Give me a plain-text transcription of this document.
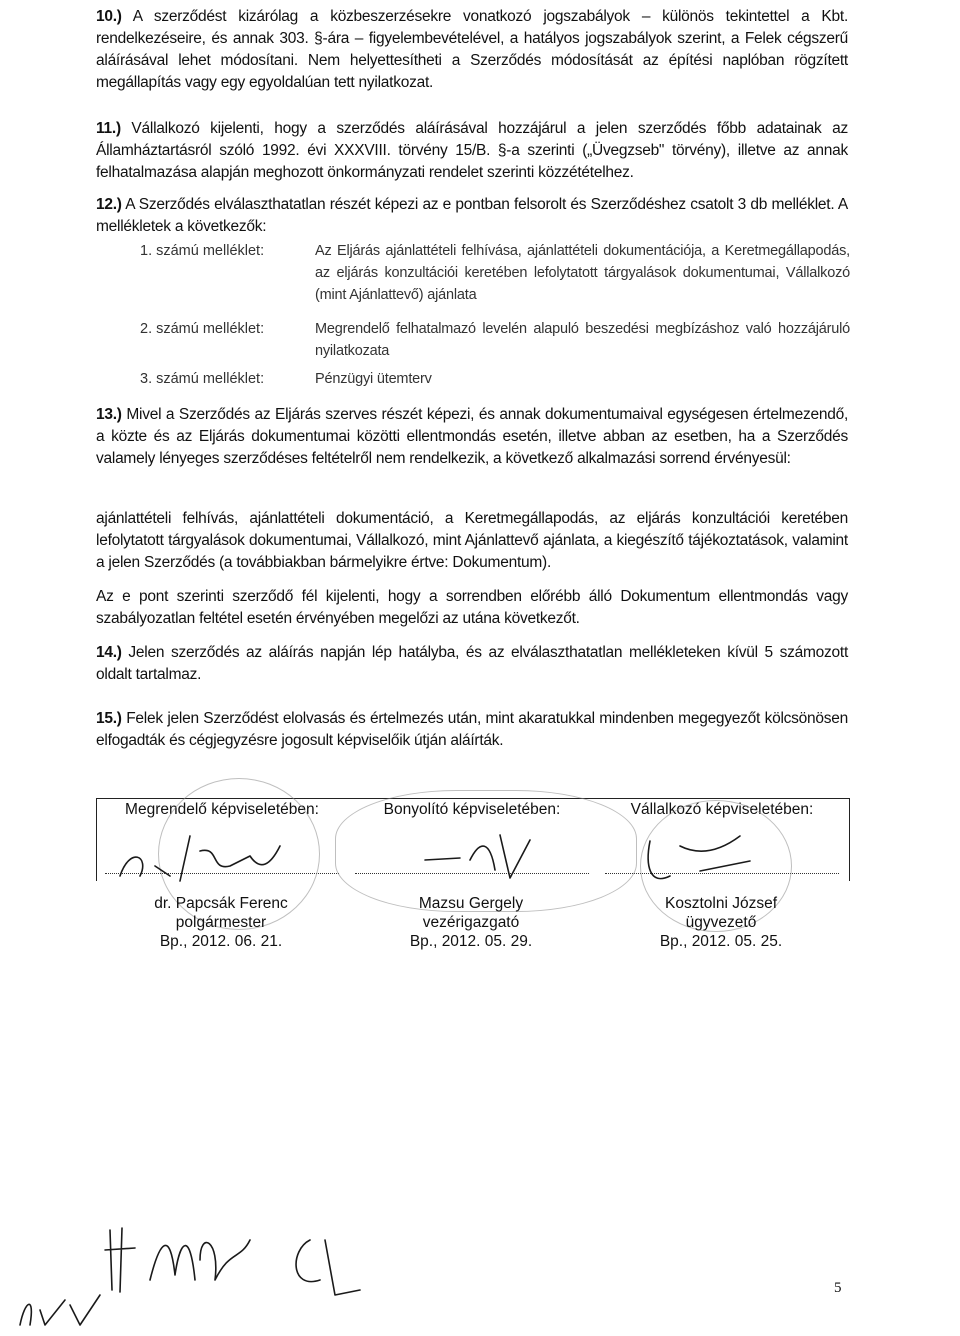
10.) A szerződést kizárólag a közbeszerzésekre vonatkozó jogszabályok – különös tekintettel a Kbt. rendelkezéseire, és annak 303. §-ára – figyelembevételével, a hatályos jogszabályok szerint, a Felek cégszerű aláírásával lehet módosítani. Nem helyettesítheti a Szerződés módosítását az építési naplóban rögzített megállapítás vagy egy egyoldalúan tett nyilatkozat.
11.) Vállalkozó kijelenti, hogy a szerződés aláírásával hozzájárul a jelen szerződés főbb adatainak az Államháztartásról szóló 1992. évi XXXVIII. törvény 15/B. §-a szerinti („Üvegzseb" törvény), illetve az annak felhatalmazása alapján meghozott önkormányzati rendelet szerinti közzétételhez.
12.) A Szerződés elválaszthatatlan részét képezi az e pontban felsorolt és Szerződéshez csatolt 3 db melléklet. A mellékletek a következők:
1. számú melléklet:	Az Eljárás ajánlattételi felhívása, ajánlattételi dokumentációja, a Keretmegállapodás, az eljárás konzultációi keretében lefolytatott tárgyalások dokumentumai, Vállalkozó (mint Ajánlattevő) ajánlata
2. számú melléklet:	Megrendelő felhatalmazó levelén alapuló beszedési megbízáshoz való hozzájáruló nyilatkozata
3. számú melléklet:	Pénzügyi ütemterv
13.) Mivel a Szerződés az Eljárás szerves részét képezi, és annak dokumentumaival egységesen értelmezendő, a közte és az Eljárás dokumentumai közötti ellentmondás esetén, illetve abban az esetben, ha a Szerződés valamely lényeges szerződéses feltételről nem rendelkezik, a következő alkalmazási sorrend érvényesül:
ajánlattételi felhívás, ajánlattételi dokumentáció, a Keretmegállapodás, az eljárás konzultációi keretében lefolytatott tárgyalások dokumentumai, Vállalkozó, mint Ajánlattevő ajánlata, a kiegészítő tájékoztatások, valamint a jelen Szerződés (a továbbiakban bármelyikre értve: Dokumentum).
Az e pont szerinti szerződő fél kijelenti, hogy a sorrendben előrébb álló Dokumentum ellentmondás vagy szabályozatlan feltétel esetén érvényében megelőzi az utána következőt.
14.) Jelen szerződés az aláírás napján lép hatályba, és az elválaszthatatlan mellékleteken kívül 5 számozott oldalt tartalmaz.
15.) Felek jelen Szerződést elolvasás és értelmezés után, mint akaratukkal mindenben megegyezőt kölcsönösen elfogadták és cégjegyzésre jogosult képviselőik útján aláírták.
Megrendelő képviseletében:	Bonyolító képviseletében:	Vállalkozó képviseletében:
dr. Papcsák Ferenc
polgármester
Bp., 2012. 06. 21.
Mazsu Gergely
vezérigazgató
Bp., 2012. 05. 29.
Kosztolni József
ügyvezető
Bp., 2012. 05. 25.
5
